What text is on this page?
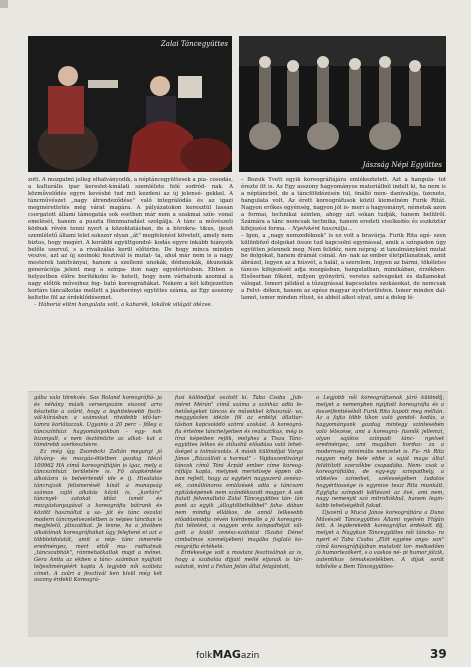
Zalai Táncegyüttes
Jászság Népi Együttes

zott. A mozgalmi jelleg elhalványodik, a néptáncegyüttesek a pia- cosodás, a kulturális ipar kereslet-kínálati szemlélete felé sodród- nak. A közművelődés egyre kevésbé tud mit kezdeni az új jelensé- gekkel. A táncművészet „nagy átrendeződése" való integrálódás és az igazi megmérettetés még várat magára. A pályázatokon keresztül lassan csorgatott állami támogatás sok esetben már nem a szakmai szín- vonal emelését, hanem a puszta fönnmaradást szolgálja. A tánc a művészeti ködnak révén tenni nyert a közoktatásban, de a bürokra- tikus, ijeszt szemléletű állami lelet sokszor olyan „át" megfelenést követelt, amely nem biztos, hogy megéri. A korábbi együttgondol- kodás egyre inkább hiányzik belőle szervul, s a rivalizálás kerül előtérbe. De hogy minca minden veszve, azt az új szolnoki fesztivál is mutat- ta, ahol már nem is a nagy mesterek tanítványai, hanem a szellemi unokák, dédunokák, ükunokák generációja jelent meg a színpa- don nagy egyetértésben. Ebben a helyzetben élőre borítékolni le- hetett, hogy nem várhatunk azonnal a nagy előtök műveihez fog- ható koreográfiákat. Nekem a két kifejezetten kortárs táncalkotás mellett a jászberényi együttes száma, az Egy asszony keltette föl az érdeklődésemet.

– Háborúi elitni hangulata volt, a kabarék, lokálok világát idézve.

– Bozsik Yvett egyik koreográfiájára emlékeztetett. Azt a hangula- tot érezte itt is. Az Egy asszony hagyományos materiálból indult ki, ha nem is a néptáncból, de a táncfölidézésén túl, önálló mon- danivalója, üzenete, hangulata volt. Az érett koreográfusok közül kiemelném Furik Ritát. Nagyon erőkes egyénség, nagyon jól is- meri a hagyományt, németak azon a formai, technikai szinten, ahogy azt sokan tudják, hanem belülről. Számára a tánc nemcsak technika, hanem eredeti viselkedés és eszköztár kifejezési forma. – Nyelvként használja...

– Igen, a „nagy nemzedéknek" is ez volt a bravúrja. Furik Rita egé- szen különböző dolgokat össze tud kapcsolni egymással, amik a színpadon úgy együtten jelennek meg. Nem felidéz, nem népraj- zi tanulmányként mutat be dolgokat, hanem drámát csinál. An- nak az ember életpillanatnak, amit ábrázol, legyen az a húsvét, a halál, a szerelem, legyen az bármi, tökéletes táncos kifejezését adja mozgásban, hangulatban, mimikában, érzékben. Elsősorban főként, milyen gyönyörű, veretes szövegeket és dallamokat válogat. Ismeri például a tűzugrással kapcsolatos szokásokat, de nemcsak a Felvi- déken, hanem az egész magyar nyelvterületen. Ismer minden dal- lamot, ismer minden rítust, és abból alkot olyat, ami a dolog lé-

gába vala törekvés. Sas Roland koreográfiá- ja és néhány másik versenyszám viszont arra késztette a zsűrit, hogy a leghitelesebb fiszti- vál-kíírásban a számokat rövidebb idő-tar- tamra korlátozzuk. Ugyanis a 20 perc – főleg a táncszínházi hagyományokban – egy- nak bizonyult, s nem ösztönözte az alkot- kat a tömörebb szerkesztésre.

Ez még így, Zsombcki Zoltán meganyi jó látvány- és mozgás-ötletben gazdag Idéző 100962 HA című koreográfiáján is igaz, mely a táncszínházi területére is. Fő alapkérdése alkotásra is beleértendő ide e íj. Hivatalos táncrajzok felismerését kínál a manapság számos zajló alkotás közül is, „kortárs" táncnyel- zatokat időzi ismét és mozgástanyagával a koreográfia bátrunk és között használtat a sa- ját és tánc oszalai modern táncnyelvezetétben is népies táncban is megfelelő, játszatikat. Je lenne, ha a jövőben alkotóinak koreográfiaikat úgy felejtené el azt a többletdolatát, amit a nép- tánc ismerete eredményez, mert ettől ma- radhatnak „táncszabhák", ránmehatkatlak majd a mőnei. Gera Anita az ekben a tánc- számban nyújtott teljesítményéért kapta A legjobb női szólista címet. A zsűri a fesztivál ken kívül még két aszony érdekli Koreográ-

fusi különdíjat osztott ki. Taba Csaba „Jub- méret Mérán" című száma a színház adta le- hetőségeket táncos és művekkel kihasznál- va, meggyőzően idézte föl az erdélyi állattar- tásban kapcsolódó szörni szokást. A koreográ- fia értelme tánchelyeiben és realisztikus, még is lírai képeiben rejlik, melyhez a Tisza Tánc- együttes lelkes és stílushű előadása való lehet- őséget a tolmácsolás. A másik különdíjat Varga János „Rázzálloti a harmat" – Vajdaszentiványi táncok című Tóni Árpád ember címe koreog- ráfiája kapta, melynek meristiseje éppen ab- ban rejlett, hogy az egyhéri nagyszerű zenész- ek, csinállónoros emlőzések adta a táncsam nyitásképének nem szándékozott magyar. A sok fiatalt felvonultató Zalai Táncegyüttes tán- lán pont az egyik „állagtöltethőbbel" faha- dában nem mindig ellátkos, de annál lelkesebb előadásmódja révén kiérdemelte a jó koreográ- fiai tétetést, a nagyon erős színpadhéját vál- gott a kisiöl zenész-szólistat (Szabó Dénel cimbalmos személyében) magába foglaló ko- reográfia értékelé.

Érdekesége volt a mostani fesztiválnak az is, hogy a szaboláa dijjait mellé eljanak is tár- sulatok, mint a Feltán Jelán által felajánlott,

a Legjobb női koreográfusnak járó különdíj, melyet a nemenyben nyújtott koreográfia és a összetfentiéséből Furik Rita kapott meg méltán. Az a fajta több tíkon való gondol- kodás, a hagyományunk gazdag mintegy szintesebén való létezése, ami a koreográ- fusnők jellemzi, olyan sajátos színpadi tánc- nyelvet eredményez, ami magában hordoz- za a modernség minimális nemzetet is. Fu- rik Rita nagyon mély bele ebbe a saját maga által feláttított szerzőkbe csapadába. Nem- csak a koreográfiáiba, de egy-egy szinpadhely, a vibkeles színeiket, szélességében tudatos hogyértiossége is egymive teszi Rita munkáit. Egyfajta színpadi költészet az övé, ami nem, nagy nemenyit szó mitroltókbul, hanem legin- kább tehetségéből fakad.

Újszerű a Mucsi János koreográfiára a Duna Művészét Táncegyüttes Állami nyelvén Flóján lett. A legderekebb koreográfiai érdekelt díj, melyet a Nagykun Táncegyüttes női táncka- ra nyert el Taba Csaba „Elöt egyéne anyo- son" című koreográfiájában mutatott tor- melkedően jó humortezőkért, s a vaskos né- pi humor jólzik, autentikus témakezetékben. A díjak sorát kibővíte a Bem Táncegyüttes-

folkMAGazin	39
